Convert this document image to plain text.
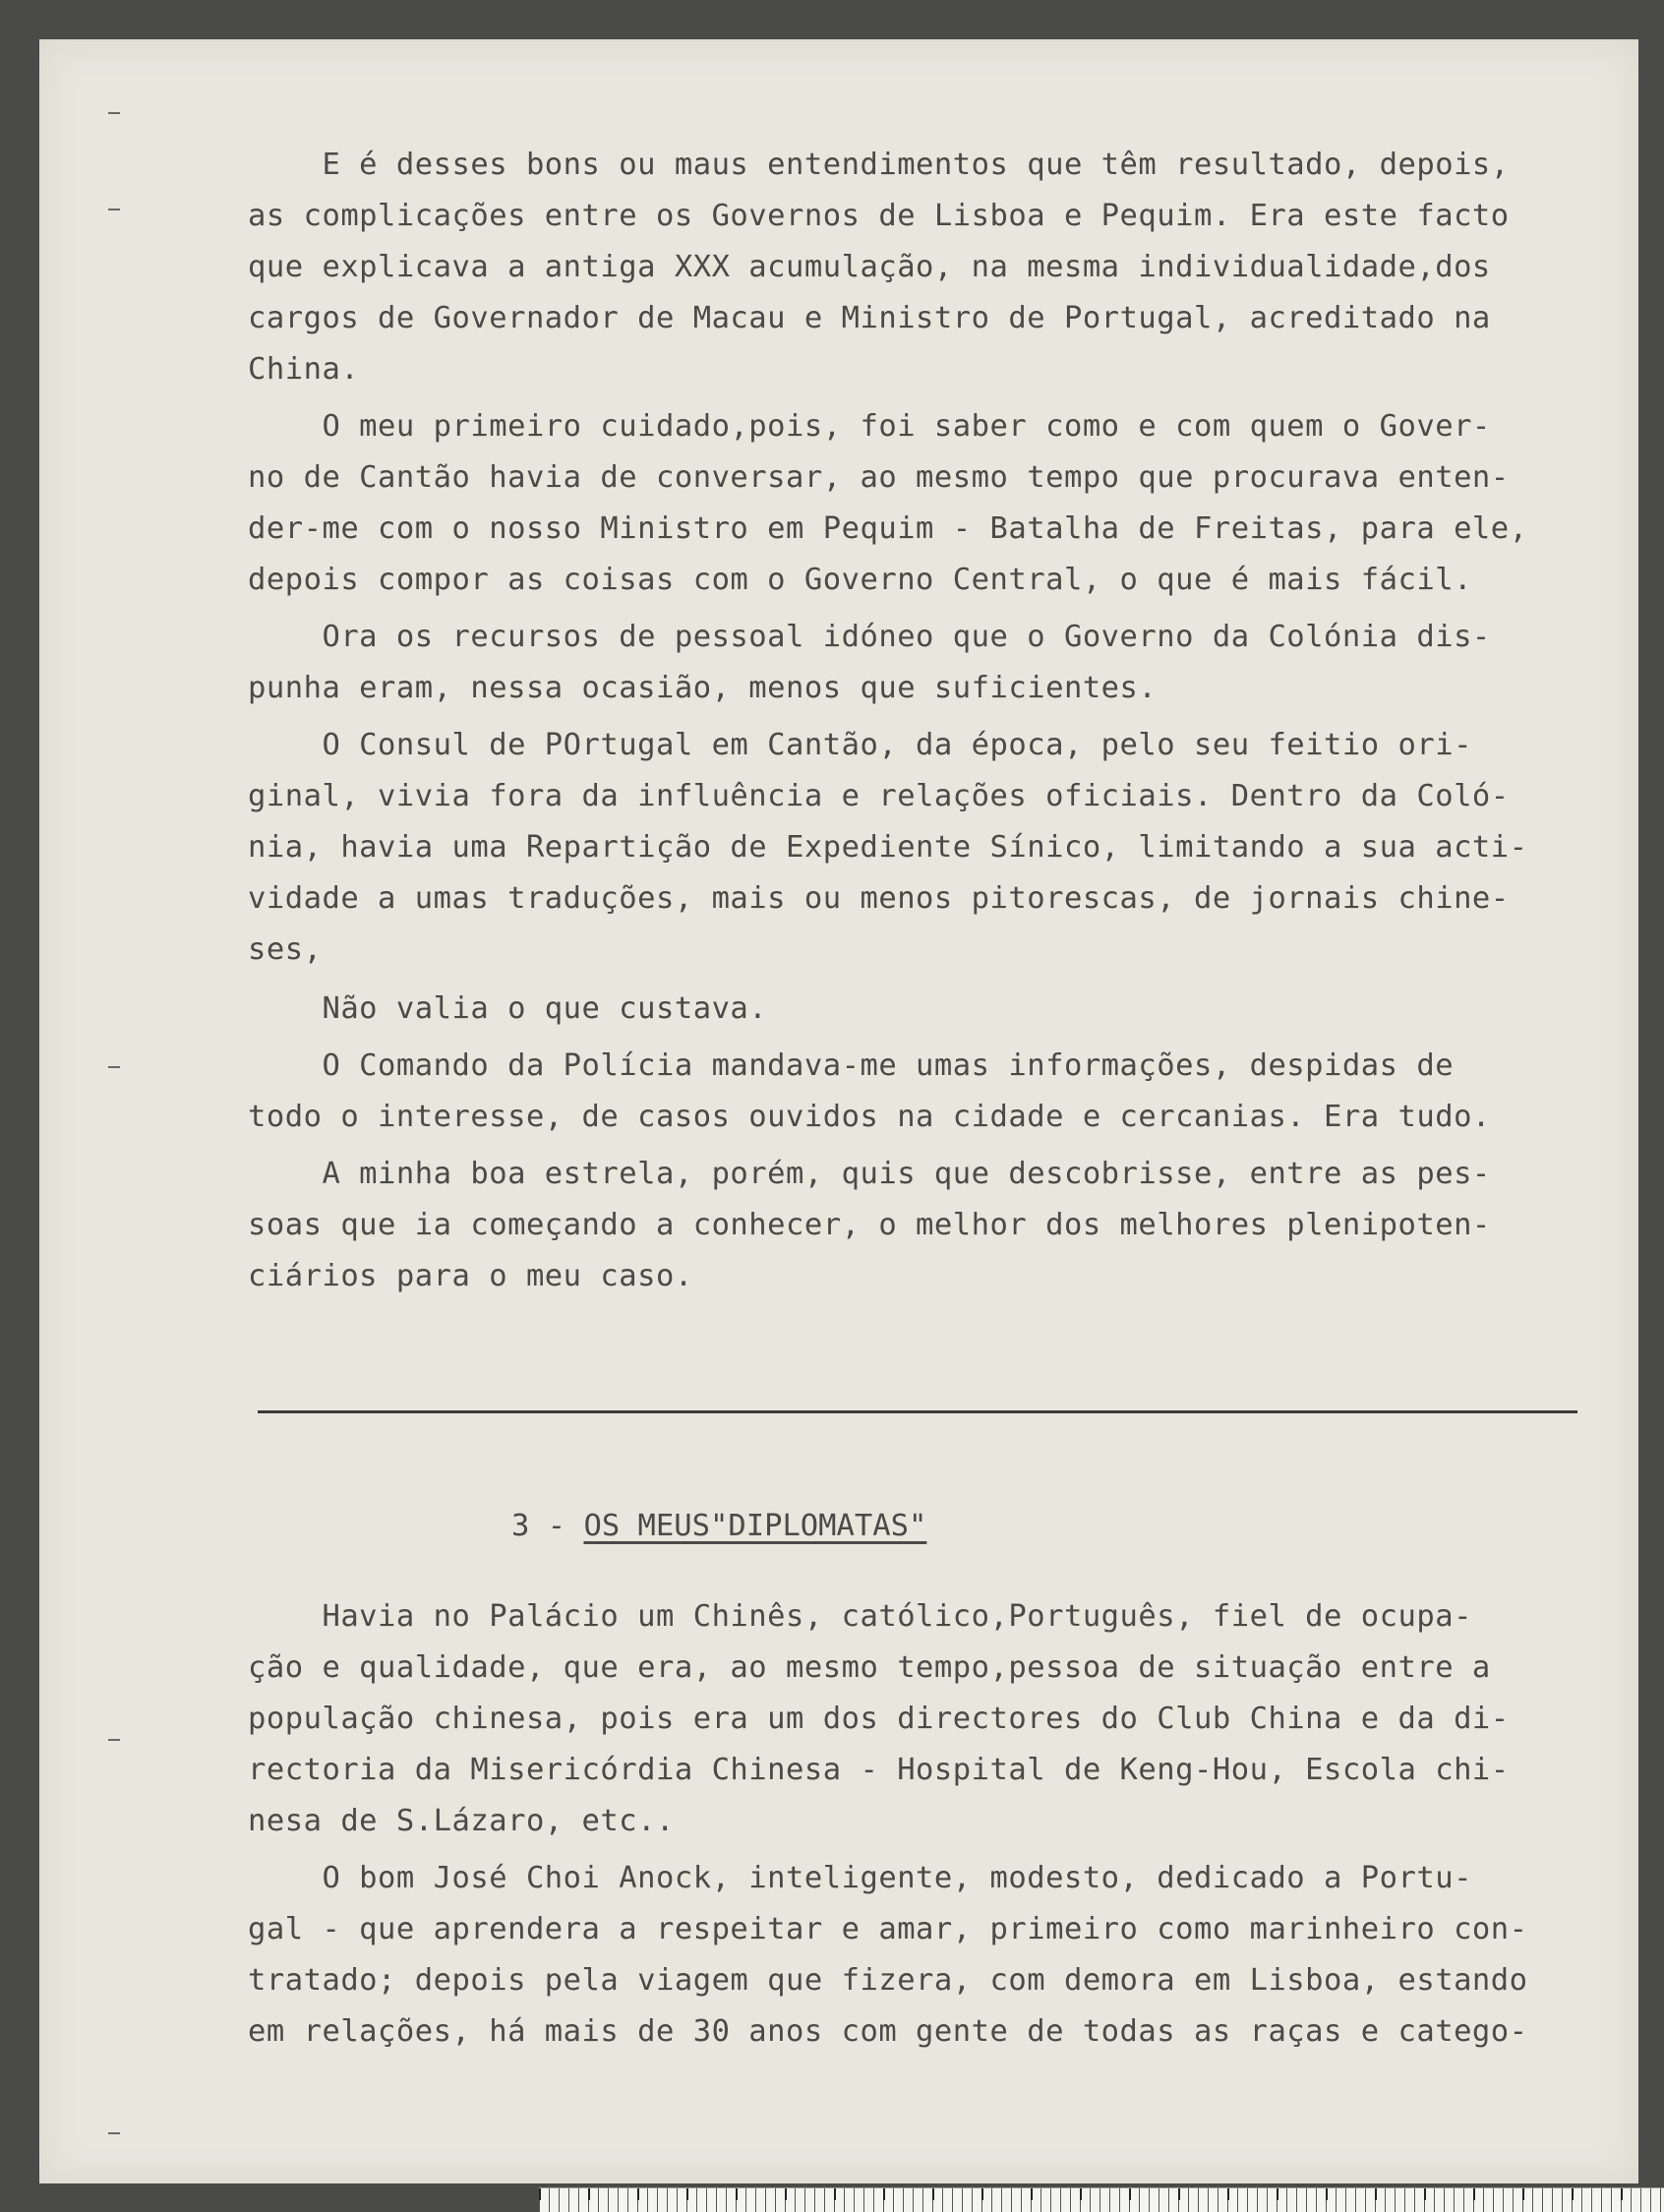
E é desses bons ou maus entendimentos que têm resultado, depois,
as complicações entre os Governos de Lisboa e Pequim. Era este facto
que explicava a antiga XXX acumulação, na mesma individualidade,dos
cargos de Governador de Macau e Ministro de Portugal, acreditado na
China.
O meu primeiro cuidado,pois, foi saber como e com quem o Gover-
no de Cantão havia de conversar, ao mesmo tempo que procurava enten-
der-me com o nosso Ministro em Pequim - Batalha de Freitas, para ele,
depois compor as coisas com o Governo Central, o que é mais fácil.
Ora os recursos de pessoal idóneo que o Governo da Colónia dis-
punha eram, nessa ocasião, menos que suficientes.
O Consul de POrtugal em Cantão, da época, pelo seu feitio ori-
ginal, vivia fora da influência e relações oficiais. Dentro da Coló-
nia, havia uma Repartição de Expediente Sínico, limitando a sua acti-
vidade a umas traduções, mais ou menos pitorescas, de jornais chine-
ses,
Não valia o que custava.
O Comando da Polícia mandava-me umas informações, despidas de
todo o interesse, de casos ouvidos na cidade e cercanias. Era tudo.
A minha boa estrela, porém, quis que descobrisse, entre as pes-
soas que ia começando a conhecer, o melhor dos melhores plenipoten-
ciários para o meu caso.
3 - OS MEUS"DIPLOMATAS"
Havia no Palácio um Chinês, católico,Português, fiel de ocupa-
ção e qualidade, que era, ao mesmo tempo,pessoa de situação entre a
população chinesa, pois era um dos directores do Club China e da di-
rectoria da Misericórdia Chinesa - Hospital de Keng-Hou, Escola chi-
nesa de S.Lázaro, etc..
O bom José Choi Anock, inteligente, modesto, dedicado a Portu-
gal - que aprendera a respeitar e amar, primeiro como marinheiro con-
tratado; depois pela viagem que fizera, com demora em Lisboa, estando
em relações, há mais de 30 anos com gente de todas as raças e catego-
